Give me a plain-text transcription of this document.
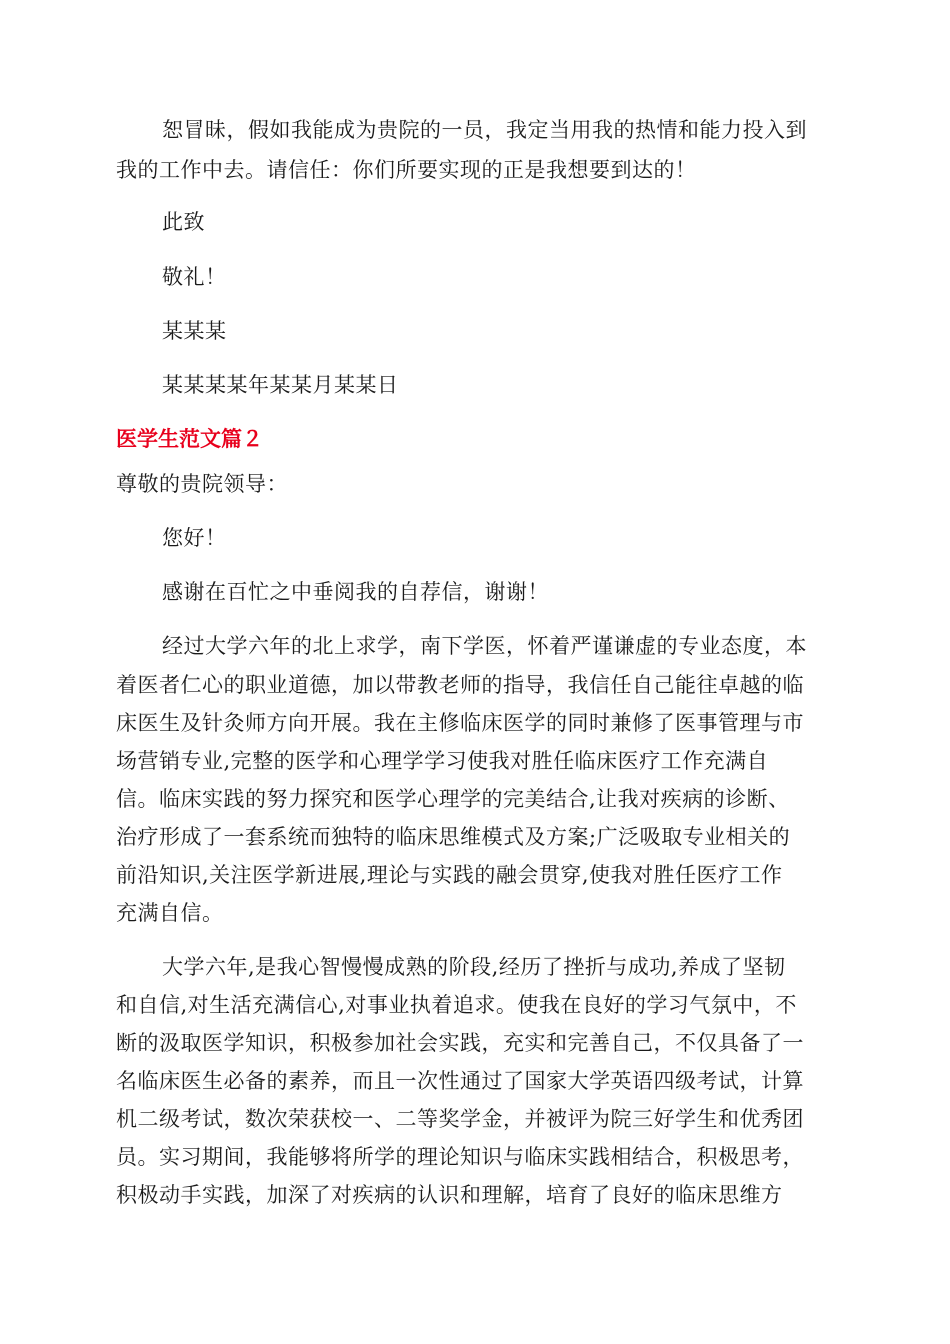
恕冒昧，假如我能成为贵院的一员，我定当用我的热情和能力投入到
我的工作中去。请信任：你们所要实现的正是我想要到达的！
此致
敬礼！
某某某
某某某某年某某月某某日
医学生范文篇２
尊敬的贵院领导：
您好！
感谢在百忙之中垂阅我的自荐信，谢谢！
经过大学六年的北上求学，南下学医，怀着严谨谦虚的专业态度，本
着医者仁心的职业道德，加以带教老师的指导，我信任自己能往卓越的临
床医生及针灸师方向开展。我在主修临床医学的同时兼修了医事管理与市
场营销专业,完整的医学和心理学学习使我对胜任临床医疗工作充满自
信。临床实践的努力探究和医学心理学的完美结合,让我对疾病的诊断、
治疗形成了一套系统而独特的临床思维模式及方案;广泛吸取专业相关的
前沿知识,关注医学新进展,理论与实践的融会贯穿,使我对胜任医疗工作
充满自信。
大学六年,是我心智慢慢成熟的阶段,经历了挫折与成功,养成了坚韧
和自信,对生活充满信心,对事业执着追求。使我在良好的学习气氛中，不
断的汲取医学知识，积极参加社会实践，充实和完善自己，不仅具备了一
名临床医生必备的素养，而且一次性通过了国家大学英语四级考试，计算
机二级考试，数次荣获校一、二等奖学金，并被评为院三好学生和优秀团
员。实习期间，我能够将所学的理论知识与临床实践相结合，积极思考，
积极动手实践，加深了对疾病的认识和理解，培育了良好的临床思维方
